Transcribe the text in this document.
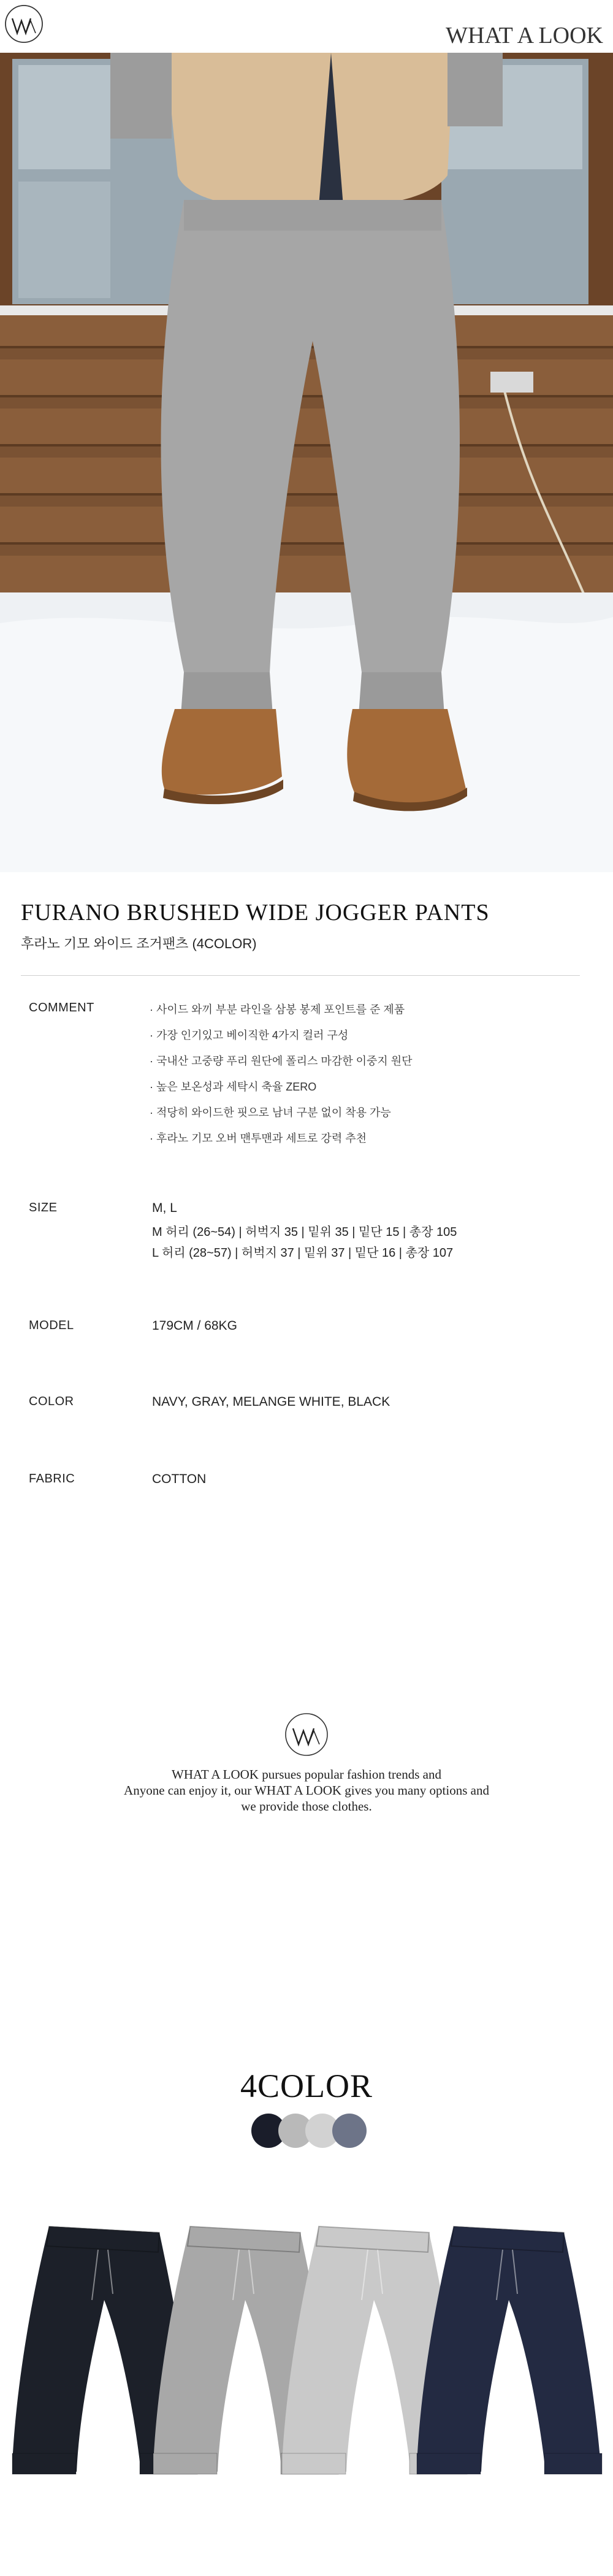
WHAT A LOOK
FURANO BRUSHED WIDE JOGGER PANTS
후라노 기모 와이드 조거팬츠 (4COLOR)
COMMENT	· 사이드 와끼 부분 라인을 삼봉 봉제 포인트를 준 제품
· 가장 인기있고 베이직한 4가지 컬러 구성
· 국내산 고중량 푸리 원단에 폴리스 마감한 이중지 원단
· 높은 보온성과 세탁시 축율 ZERO
· 적당히 와이드한 핏으로 남녀 구분 없이 착용 가능
· 후라노 기모 오버 맨투맨과 세트로 강력 추천
SIZE	M, L
M 허리 (26~54) | 허벅지 35 | 밑위 35 | 밑단 15 | 총장 105
L 허리 (28~57) | 허벅지 37 | 밑위 37 | 밑단 16 | 총장 107
MODEL	179CM / 68KG
COLOR	NAVY, GRAY, MELANGE WHITE, BLACK
FABRIC	COTTON
WHAT A LOOK pursues popular fashion trends and
Anyone can enjoy it, our WHAT A LOOK gives you many options and
we provide those clothes.
4COLOR
